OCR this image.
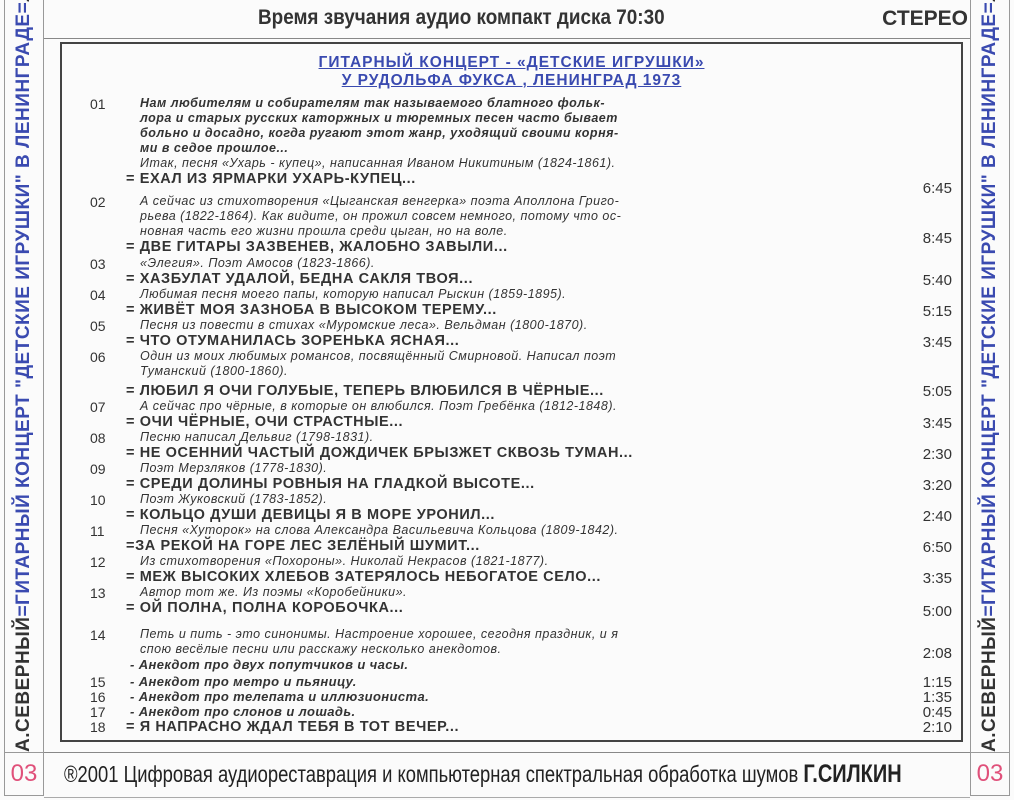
А.СЕВЕРНЫЙ
=
ГИТАРНЫЙ КОНЦЕРТ "ДЕТСКИЕ ИГРУШКИ" В ЛЕНИНГРАДЕ
=
03
А.СЕВЕРНЫЙ
=
ГИТАРНЫЙ КОНЦЕРТ "ДЕТСКИЕ ИГРУШКИ" В ЛЕНИНГРАДЕ
=
03
Время звучания аудио компакт диска 70:30	СТЕРЕО
ГИТАРНЫЙ КОНЦЕРТ - «ДЕТСКИЕ ИГРУШКИ»
У РУДОЛЬФА ФУКСА , ЛЕНИНГРАД 1973
01	Нам любителям и собирателям так называемого блатного фольк-
лора и старых русских каторжных и тюремных песен часто бывает
больно и досадно, когда ругают этот жанр, уходящий своими корня-
ми в седое прошлое...
Итак, песня «Ухарь - купец», написанная Иваном Никитиным (1824-1861).
= ЕХАЛ ИЗ ЯРМАРКИ УХАРЬ-КУПЕЦ...
6:45
02	А сейчас из стихотворения «Цыганская венгерка» поэта Аполлона Григо-
рьева (1822-1864). Как видите, он прожил совсем немного, потому что ос-
новная часть его жизни прошла среди цыган, но на воле.
= ДВЕ ГИТАРЫ ЗАЗВЕНЕВ, ЖАЛОБНО ЗАВЫЛИ...	8:45
03	«Элегия». Поэт Амосов (1823-1866).
= ХАЗБУЛАТ УДАЛОЙ, БЕДНА САКЛЯ ТВОЯ...	5:40
04	Любимая песня моего папы, которую написал Рыскин (1859-1895).
= ЖИВЁТ МОЯ ЗАЗНОБА В ВЫСОКОМ ТЕРЕМУ...	5:15
05	Песня из повести в стихах «Муромские леса». Вельдман (1800-1870).
= ЧТО ОТУМАНИЛАСЬ ЗОРЕНЬКА ЯСНАЯ...	3:45
06	Один из моих любимых романсов, посвящённый Смирновой. Написал поэт
Туманский (1800-1860).
= ЛЮБИЛ Я ОЧИ ГОЛУБЫЕ, ТЕПЕРЬ ВЛЮБИЛСЯ В ЧЁРНЫЕ...	5:05
07	А сейчас про чёрные, в которые он влюбился. Поэт Гребёнка (1812-1848).
= ОЧИ ЧЁРНЫЕ, ОЧИ СТРАСТНЫЕ...	3:45
08	Песню написал Дельвиг (1798-1831).
= НЕ ОСЕННИЙ ЧАСТЫЙ ДОЖДИЧЕК БРЫЗЖЕТ СКВОЗЬ ТУМАН...	2:30
09	Поэт Мерзляков (1778-1830).
= СРЕДИ ДОЛИНЫ РОВНЫЯ НА ГЛАДКОЙ ВЫСОТЕ...	3:20
10	Поэт Жуковский (1783-1852).
= КОЛЬЦО ДУШИ ДЕВИЦЫ Я В МОРЕ УРОНИЛ...	2:40
11	Песня «Хуторок» на слова Александра Васильевича Кольцова (1809-1842).
=ЗА РЕКОЙ НА ГОРЕ ЛЕС ЗЕЛЁНЫЙ ШУМИТ...	6:50
12	Из стихотворения «Похороны». Николай Некрасов (1821-1877).
= МЕЖ ВЫСОКИХ ХЛЕБОВ ЗАТЕРЯЛОСЬ НЕБОГАТОЕ СЕЛО...	3:35
13	Автор тот же. Из поэмы «Коробейники».
= ОЙ ПОЛНА, ПОЛНА КОРОБОЧКА...	5:00
14	Петь и пить - это синонимы. Настроение хорошее, сегодня праздник, и я
спою весёлые песни или расскажу несколько анекдотов.
- Анекдот про двух попутчиков и часы.
2:08
15	- Анекдот про метро и пьяницу.	1:15
16	- Анекдот про телепата и иллюзиониста.	1:35
17	- Анекдот про слонов и лошадь.	0:45
18	= Я НАПРАСНО ЖДАЛ ТЕБЯ В ТОТ ВЕЧЕР...	2:10
®2001 Цифровая аудиореставрация и компьютерная спектральная обработка шумов Г.СИЛКИН
